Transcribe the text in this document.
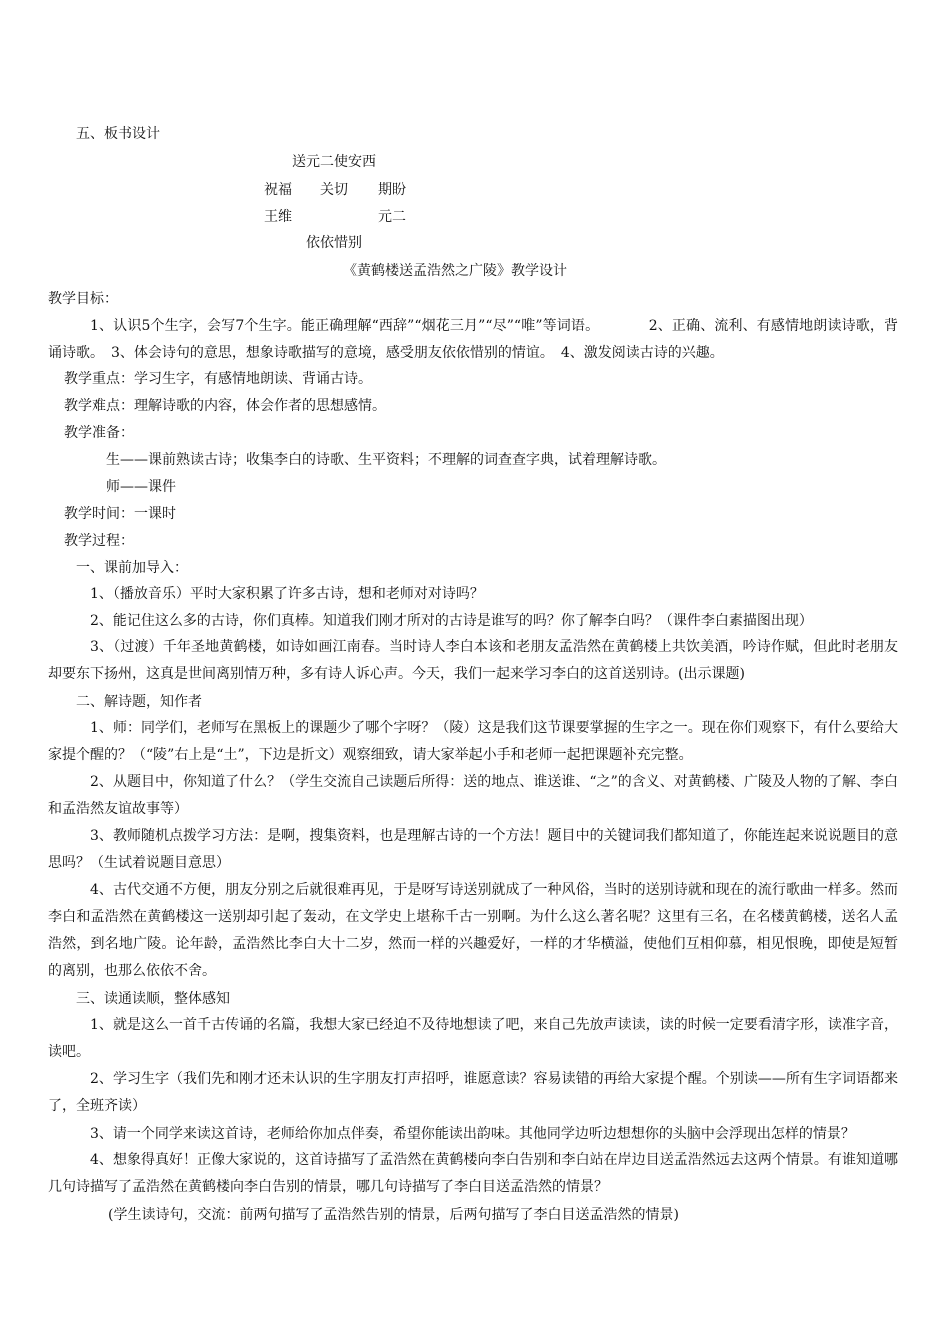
五、板书设计
送元二使安西
祝福 关切 期盼
王维	元二
依依惜别
《黄鹤楼送孟浩然之广陵》教学设计
教学目标：
1、认识5个生字，会写7个生字。能正确理解“西辞”“烟花三月”“尽”“唯”等词语。　　　　2、正确、流利、有感情地朗读诗歌，背诵诗歌。　3、体会诗句的意思，想象诗歌描写的意境，感受朋友依依惜别的情谊。　4、激发阅读古诗的兴趣。
教学重点：学习生字，有感情地朗读、背诵古诗。
教学难点：理解诗歌的内容，体会作者的思想感情。
教学准备：
生——课前熟读古诗；收集李白的诗歌、生平资料；不理解的词查查字典，试着理解诗歌。
师——课件
教学时间：一课时
教学过程：
一、课前加导入：
1、（播放音乐）平时大家积累了许多古诗，想和老师对对诗吗？
2、能记住这么多的古诗，你们真棒。知道我们刚才所对的古诗是谁写的吗？你了解李白吗？（课件李白素描图出现）
3、（过渡）千年圣地黄鹤楼，如诗如画江南春。当时诗人李白本该和老朋友孟浩然在黄鹤楼上共饮美酒，吟诗作赋，但此时老朋友却要东下扬州，这真是世间离别情万种，多有诗人诉心声。今天，我们一起来学习李白的这首送别诗。(出示课题)
二、解诗题，知作者
1、师：同学们，老师写在黑板上的课题少了哪个字呀？（陵）这是我们这节课要掌握的生字之一。现在你们观察下，有什么要给大家提个醒的？（“陵”右上是“土”，下边是折文）观察细致，请大家举起小手和老师一起把课题补充完整。
2、从题目中，你知道了什么？（学生交流自己读题后所得：送的地点、谁送谁、“之”的含义、对黄鹤楼、广陵及人物的了解、李白和孟浩然友谊故事等）
3、教师随机点拨学习方法：是啊，搜集资料，也是理解古诗的一个方法！题目中的关键词我们都知道了，你能连起来说说题目的意思吗？（生试着说题目意思）
4、古代交通不方便，朋友分别之后就很难再见，于是呀写诗送别就成了一种风俗，当时的送别诗就和现在的流行歌曲一样多。然而李白和孟浩然在黄鹤楼这一送别却引起了轰动，在文学史上堪称千古一别啊。为什么这么著名呢？这里有三名，在名楼黄鹤楼，送名人孟浩然，到名地广陵。论年龄，孟浩然比李白大十二岁，然而一样的兴趣爱好，一样的才华横溢，使他们互相仰慕，相见恨晚，即使是短暂的离别，也那么依依不舍。
三、读通读顺，整体感知
1、就是这么一首千古传诵的名篇，我想大家已经迫不及待地想读了吧，来自己先放声读读，读的时候一定要看清字形，读准字音，读吧。
2、学习生字（我们先和刚才还未认识的生字朋友打声招呼，谁愿意读？容易读错的再给大家提个醒。个别读——所有生字词语都来了，全班齐读）
3、请一个同学来读这首诗，老师给你加点伴奏，希望你能读出韵味。其他同学边听边想想你的头脑中会浮现出怎样的情景？
4、想象得真好！正像大家说的，这首诗描写了孟浩然在黄鹤楼向李白告别和李白站在岸边目送孟浩然远去这两个情景。有谁知道哪几句诗描写了孟浩然在黄鹤楼向李白告别的情景，哪几句诗描写了李白目送孟浩然的情景？
(学生读诗句，交流：前两句描写了孟浩然告别的情景，后两句描写了李白目送孟浩然的情景)
